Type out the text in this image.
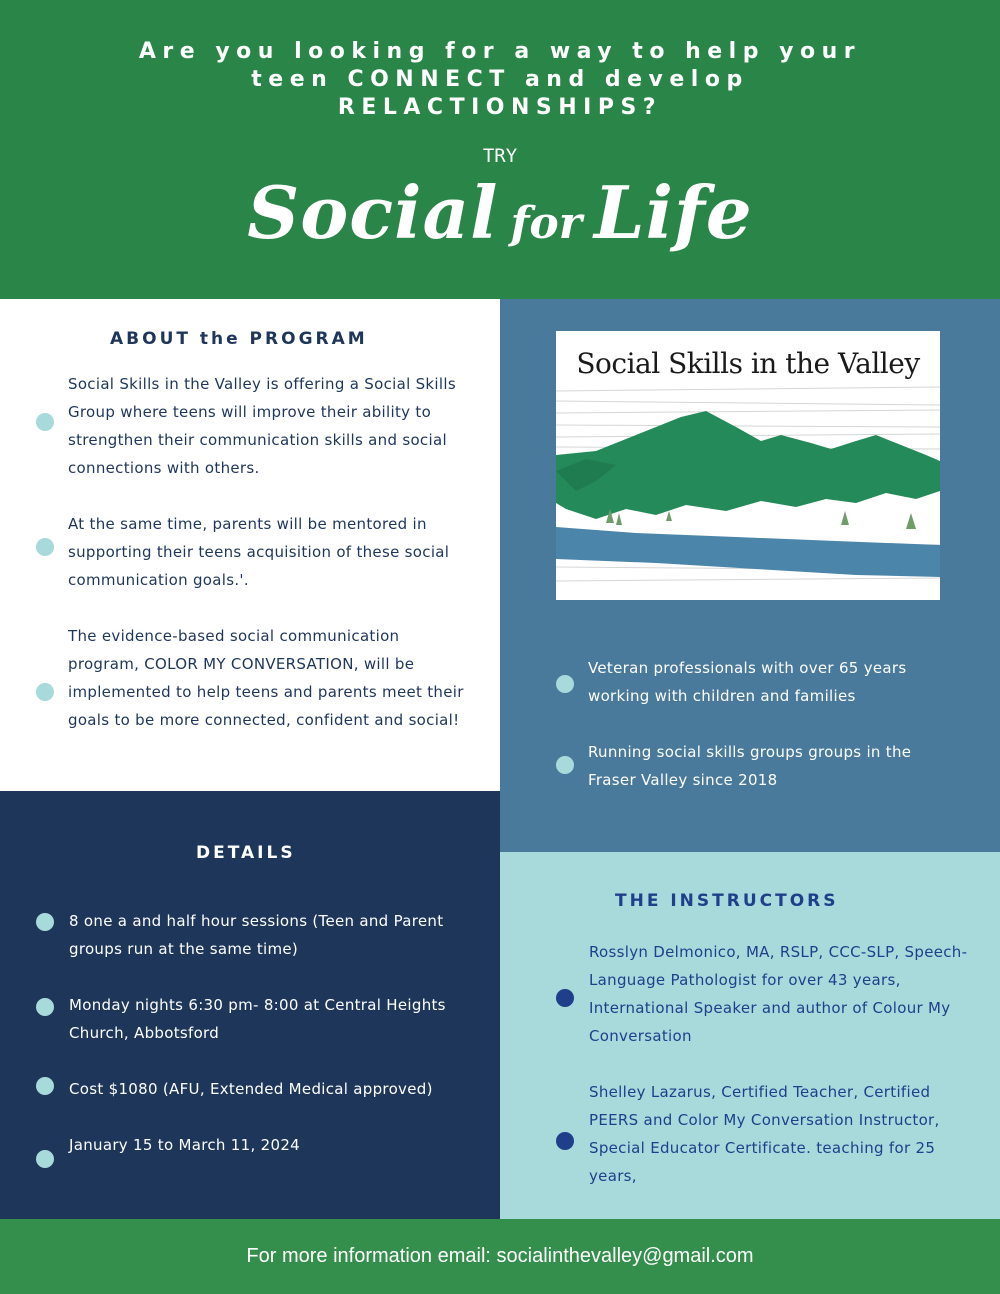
Are you looking for a way to help your teen CONNECT and develop RELACTIONSHIPS?
TRY
Social for Life
ABOUT the PROGRAM
Social Skills in the Valley is offering a Social Skills Group where teens will improve their ability to strengthen their communication skills and social connections with others.
At the same time, parents will be mentored in supporting their teens acquisition of these social communication goals.'.
The evidence-based social communication program, COLOR MY CONVERSATION, will be implemented to help teens and parents meet their goals to be more connected, confident and social!
Social Skills in the Valley
Veteran professionals with over 65 years working with children and families
Running social skills groups groups in the Fraser Valley since 2018
DETAILS
8 one a and half hour sessions (Teen and Parent groups run at the same time)
Monday nights 6:30 pm- 8:00 at Central Heights Church, Abbotsford
Cost $1080 (AFU, Extended Medical approved)
January 15 to March 11, 2024
THE INSTRUCTORS
Rosslyn Delmonico, MA, RSLP, CCC-SLP, Speech-Language Pathologist for over 43 years, International Speaker and author of Colour My Conversation
Shelley Lazarus, Certified Teacher, Certified PEERS and Color My Conversation Instructor, Special Educator Certificate. teaching for 25 years,
For more information email: socialinthevalley@gmail.com
